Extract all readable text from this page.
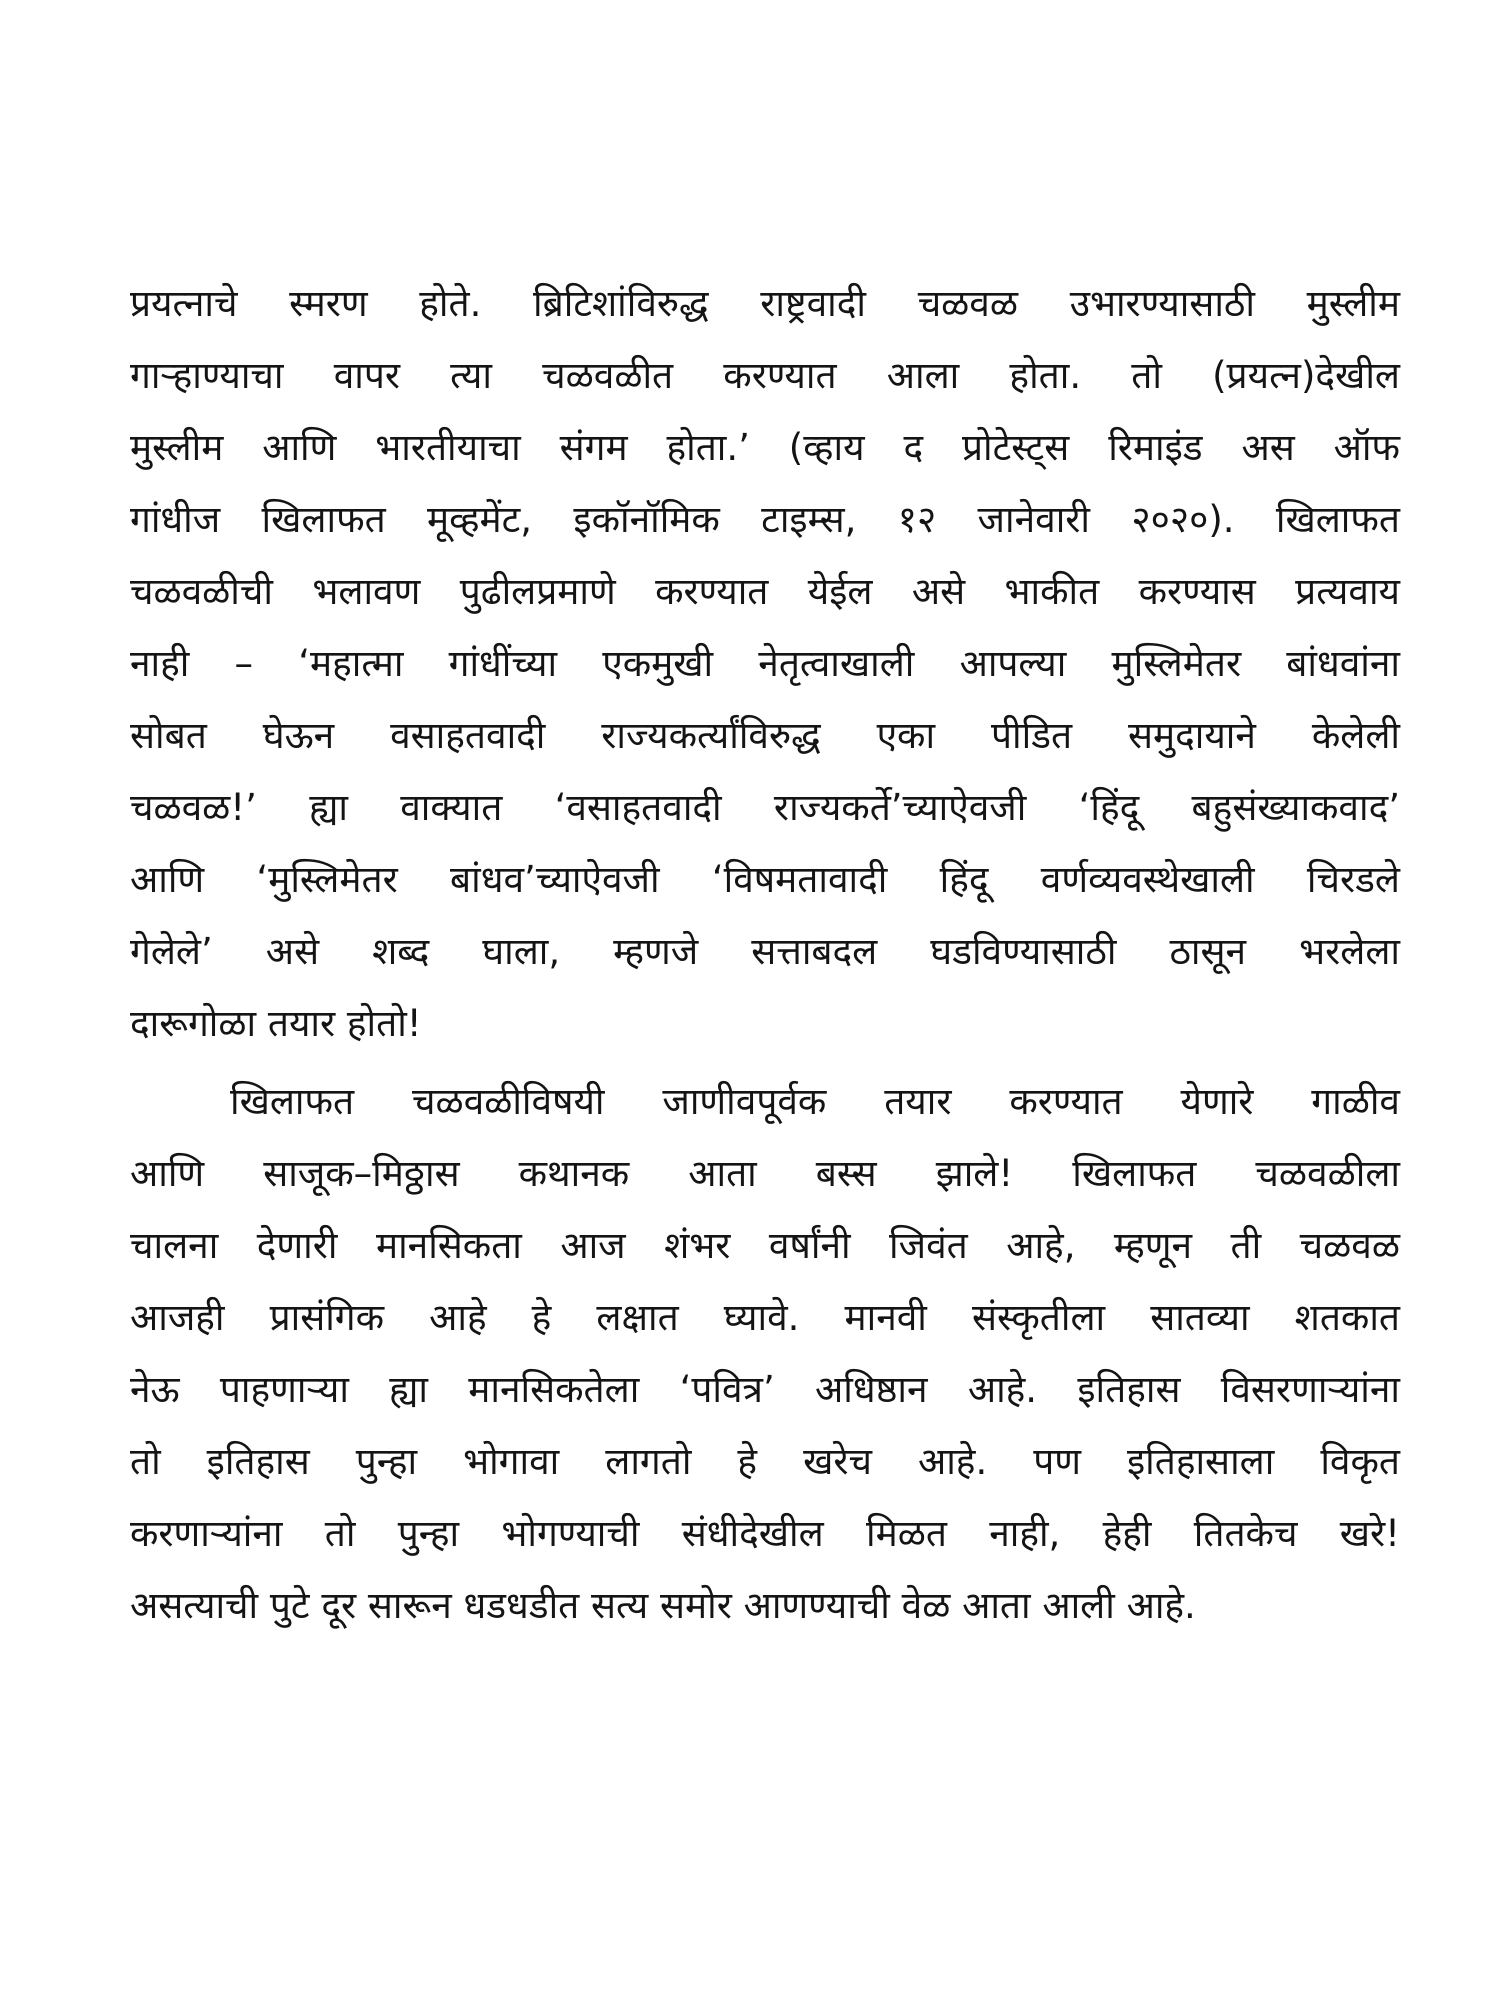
प्रयत्नाचे स्मरण होते. ब्रिटिशांविरुद्ध राष्ट्रवादी चळवळ उभारण्यासाठी मुस्लीम
गाऱ्हाण्याचा वापर त्या चळवळीत करण्यात आला होता. तो (प्रयत्न)देखील
मुस्लीम आणि भारतीयाचा संगम होता.’ (व्हाय द प्रोटेस्ट्स रिमाइंड अस ऑफ
गांधीज खिलाफत मूव्हमेंट, इकॉनॉमिक टाइम्स, १२ जानेवारी २०२०). खिलाफत
चळवळीची भलावण पुढीलप्रमाणे करण्यात येईल असे भाकीत करण्यास प्रत्यवाय
नाही – ‘महात्मा गांधींच्या एकमुखी नेतृत्वाखाली आपल्या मुस्लिमेतर बांधवांना
सोबत घेऊन वसाहतवादी राज्यकर्त्यांविरुद्ध एका पीडित समुदायाने केलेली
चळवळ!’ ह्या वाक्यात ‘वसाहतवादी राज्यकर्ते’च्याऐवजी ‘हिंदू बहुसंख्याकवाद’
आणि ‘मुस्लिमेतर बांधव’च्याऐवजी ‘विषमतावादी हिंदू वर्णव्यवस्थेखाली चिरडले
गेलेले’ असे शब्द घाला, म्हणजे सत्ताबदल घडविण्यासाठी ठासून भरलेला
दारूगोळा तयार होतो!
खिलाफत चळवळीविषयी जाणीवपूर्वक तयार करण्यात येणारे गाळीव
आणि साजूक–मिठ्ठास कथानक आता बस्स झाले! खिलाफत चळवळीला
चालना देणारी मानसिकता आज शंभर वर्षांनी जिवंत आहे, म्हणून ती चळवळ
आजही प्रासंगिक आहे हे लक्षात घ्यावे. मानवी संस्कृतीला सातव्या शतकात
नेऊ पाहणाऱ्या ह्या मानसिकतेला ‘पवित्र’ अधिष्ठान आहे. इतिहास विसरणाऱ्यांना
तो इतिहास पुन्हा भोगावा लागतो हे खरेच आहे. पण इतिहासाला विकृत
करणाऱ्यांना तो पुन्हा भोगण्याची संधीदेखील मिळत नाही, हेही तितकेच खरे!
असत्याची पुटे दूर सारून धडधडीत सत्य समोर आणण्याची वेळ आता आली आहे.
